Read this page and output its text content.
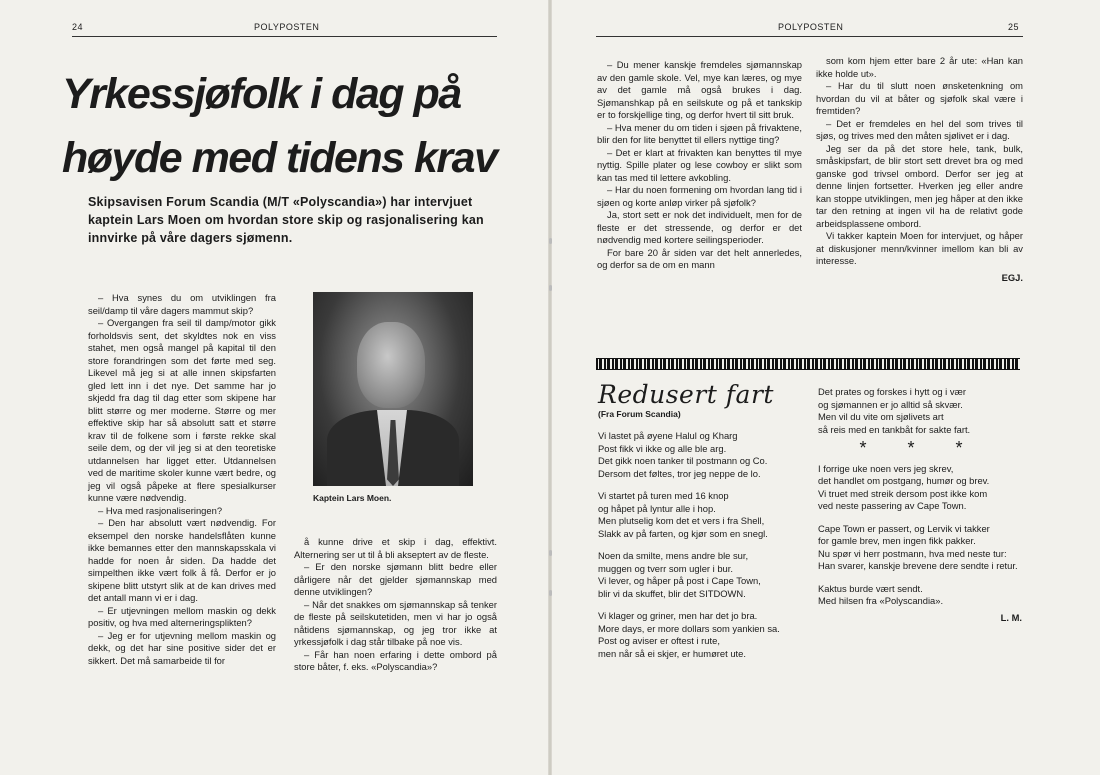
24	POLYPOSTEN
Yrkessjøfolk i dag på høyde med tidens krav
Skipsavisen Forum Scandia (M/T «Polyscandia») har intervjuet kaptein Lars Moen om hvordan store skip og rasjonalisering kan innvirke på våre dagers sjømenn.

– Hva synes du om utviklingen fra seil/damp til våre dagers mammut skip?

– Overgangen fra seil til damp/motor gikk forholdsvis sent, det skyldtes nok en viss stahet, men også mangel på kapital til den store forandringen som det førte med seg. Likevel må jeg si at alle innen skipsfarten gled lett inn i det nye. Det samme har jo skjedd fra dag til dag etter som skipene har blitt større og mer moderne. Større og mer effektive skip har så absolutt satt et større krav til de folkene som i første rekke skal seile dem, og der vil jeg si at den teoretiske utdannelsen har ligget etter. Utdannelsen ved de maritime skoler kunne vært bedre, og jeg vil også påpeke at flere spesialkurser kunne være nødvendig.

– Hva med rasjonaliseringen?

– Den har absolutt vært nødvendig. For eksempel den norske handelsflåten kunne ikke bemannes etter den mannskapsskala vi hadde for noen år siden. Da hadde det simpelthen ikke vært folk å få. Derfor er jo skipene blitt utstyrt slik at de kan drives med det antall mann vi er i dag.

– Er utjevningen mellom maskin og dekk positiv, og hva med alterneringsplikten?

– Jeg er for utjevning mellom maskin og dekk, og det har sine positive sider det er sikkert. Det må samarbeide til for

Kaptein Lars Moen.

å kunne drive et skip i dag, effektivt. Alternering ser ut til å bli akseptert av de fleste.

– Er den norske sjømann blitt bedre eller dårligere når det gjelder sjømannskap med denne utviklingen?

– Når det snakkes om sjømannskap så tenker de fleste på seilskutetiden, men vi har jo også nåtidens sjømannskap, og jeg tror ikke at yrkessjøfolk i dag står tilbake på noe vis.

– Får han noen erfaring i dette ombord på store båter, f. eks. «Polyscandia»?

POLYPOSTEN	25

– Du mener kanskje fremdeles sjømannskap av den gamle skole. Vel, mye kan læres, og mye av det gamle må også brukes i dag. Sjømanshkap på en seilskute og på et tankskip er to forskjellige ting, og derfor hvert til sitt bruk.

– Hva mener du om tiden i sjøen på frivaktene, blir den for lite benyttet til ellers nyttige ting?

– Det er klart at frivakten kan benyttes til mye nyttig. Spille plater og lese cowboy er slikt som kan tas med til lettere avkobling.

– Har du noen formening om hvordan lang tid i sjøen og korte anløp virker på sjøfolk?

Ja, stort sett er nok det individuelt, men for de fleste er det stressende, og derfor er det nødvendig med kortere seilingsperioder.

For bare 20 år siden var det helt annerledes, og derfor sa de om en mann

som kom hjem etter bare 2 år ute: «Han kan ikke holde ut».

– Har du til slutt noen ønsketenkning om hvordan du vil at båter og sjøfolk skal være i fremtiden?

– Det er fremdeles en hel del som trives til sjøs, og trives med den måten sjølivet er i dag.

Jeg ser da på det store hele, tank, bulk, småskipsfart, de blir stort sett drevet bra og med ganske god trivsel ombord. Derfor ser jeg at denne linjen fortsetter. Hverken jeg eller andre kan stoppe utviklingen, men jeg håper at den ikke tar den retning at ingen vil ha de relativt gode arbeidsplassene ombord.

Vi takker kaptein Moen for intervjuet, og håper at diskusjoner menn/kvinner imellom kan bli av interesse.

EGJ.
Redusert fart
(Fra Forum Scandia)
Vi lastet på øyene Halul og Kharg
Post fikk vi ikke og alle ble arg.
Det gikk noen tanker til postmann og Co.
Dersom det føltes, tror jeg neppe de lo.
Vi startet på turen med 16 knop
og håpet på lyntur alle i hop.
Men plutselig kom det et vers i fra Shell,
Slakk av på farten, og kjør som en snegl.
Noen da smilte, mens andre ble sur,
muggen og tverr som ugler i bur.
Vi lever, og håper på post i Cape Town,
blir vi da skuffet, blir det SITDOWN.
Vi klager og griner, men har det jo bra.
More days, er more dollars som yankien sa.
Post og aviser er oftest i rute,
men når så ei skjer, er humøret ute.
Det prates og forskes i hytt og i vær
og sjømannen er jo alltid så skvær.
Men vil du vite om sjølivets art
så reis med en tankbåt for sakte fart.
* * *
I forrige uke noen vers jeg skrev,
det handlet om postgang, humør og brev.
Vi truet med streik dersom post ikke kom
ved neste passering av Cape Town.
Cape Town er passert, og Lervik vi takker
for gamle brev, men ingen fikk pakker.
Nu spør vi herr postmann, hva med neste tur:
Han svarer, kanskje brevene dere sendte i retur.
Kaktus burde vært sendt.
Med hilsen fra «Polyscandia».
L. M.
